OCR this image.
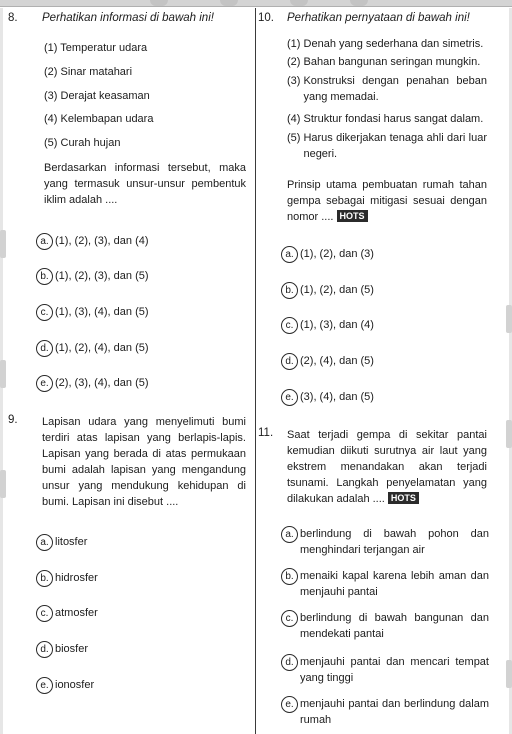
8. Perhatikan informasi di bawah ini!
(1) Temperatur udara
(2) Sinar matahari
(3) Derajat keasaman
(4) Kelembapan udara
(5) Curah hujan
Berdasarkan informasi tersebut, maka yang termasuk unsur-unsur pembentuk iklim adalah ....
a. (1), (2), (3), dan (4)
b. (1), (2), (3), dan (5)
c. (1), (3), (4), dan (5)
d. (1), (2), (4), dan (5)
e. (2), (3), (4), dan (5)
9. Lapisan udara yang menyelimuti bumi terdiri atas lapisan yang berlapis-lapis. Lapisan yang berada di atas permukaan bumi adalah lapisan yang mengandung unsur yang mendukung kehidupan di bumi. Lapisan ini disebut ....
a. litosfer
b. hidrosfer
c. atmosfer
d. biosfer
e. ionosfer
10. Perhatikan pernyataan di bawah ini!
(1) Denah yang sederhana dan simetris.
(2) Bahan bangunan seringan mungkin.
(3) Konstruksi dengan penahan beban yang memadai.
(4) Struktur fondasi harus sangat dalam.
(5) Harus dikerjakan tenaga ahli dari luar negeri.
Prinsip utama pembuatan rumah tahan gempa sebagai mitigasi sesuai dengan nomor .... HOTS
a. (1), (2), dan (3)
b. (1), (2), dan (5)
c. (1), (3), dan (4)
d. (2), (4), dan (5)
e. (3), (4), dan (5)
11. Saat terjadi gempa di sekitar pantai kemudian diikuti surutnya air laut yang ekstrem menandakan akan terjadi tsunami. Langkah penyelamatan yang dilakukan adalah .... HOTS
a. berlindung di bawah pohon dan menghindari terjangan air
b. menaiki kapal karena lebih aman dan menjauhi pantai
c. berlindung di bawah bangunan dan mendekati pantai
d. menjauhi pantai dan mencari tempat yang tinggi
e. menjauhi pantai dan berlindung dalam rumah
